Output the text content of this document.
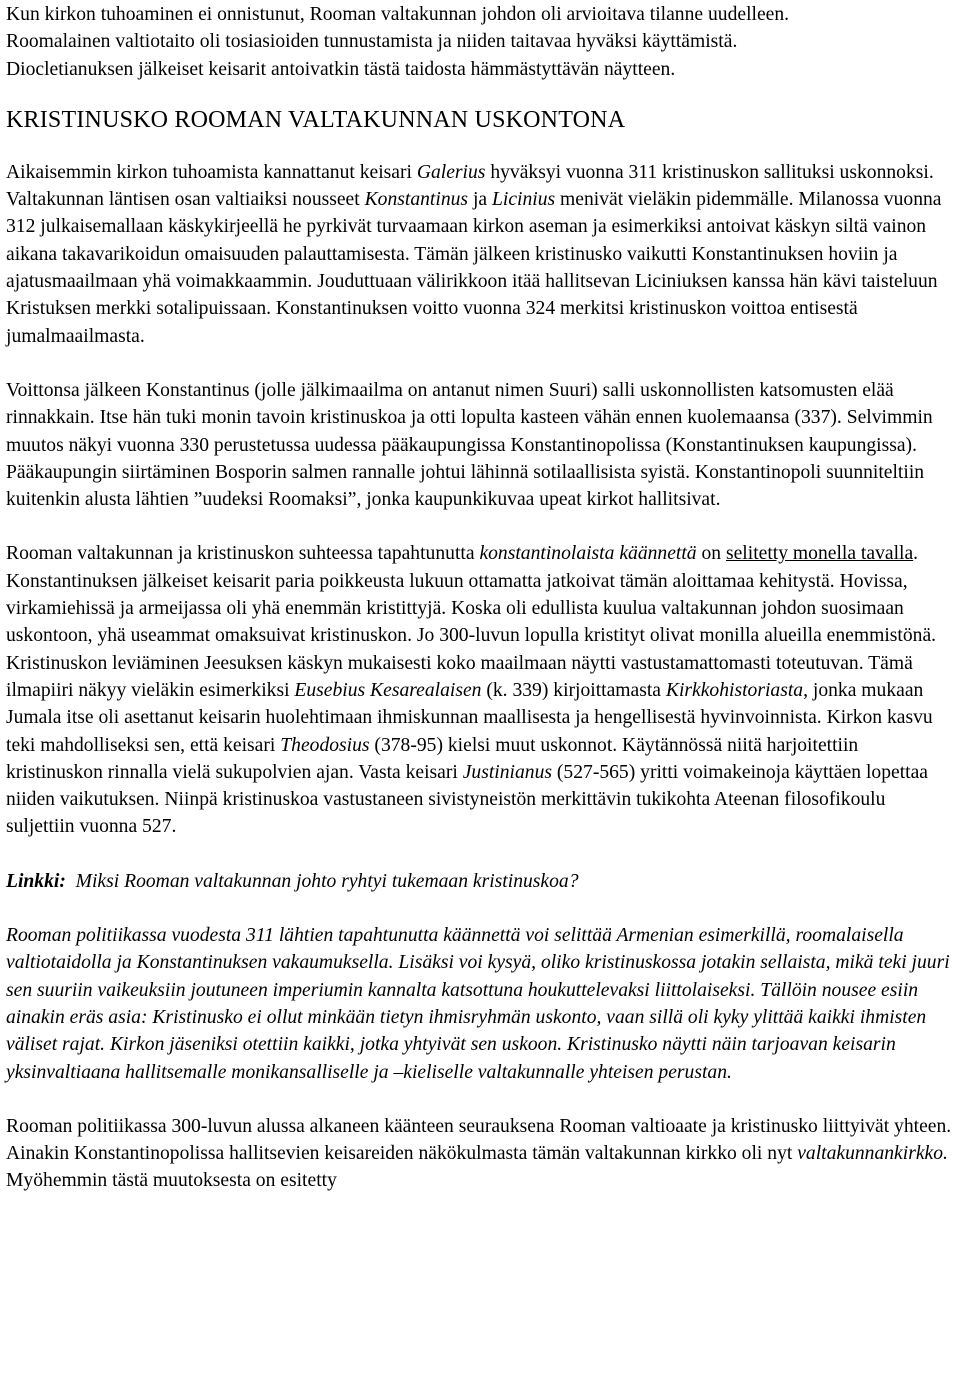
Kun kirkon tuhoaminen ei onnistunut, Rooman valtakunnan johdon oli arvioitava tilanne uudelleen.
Roomalainen valtiotaito oli tosiasioiden tunnustamista ja niiden taitavaa hyväksi käyttämistä.
Diocletianuksen jälkeiset keisarit antoivatkin tästä taidosta hämmästyttävän näytteen.

KRISTINUSKO ROOMAN VALTAKUNNAN USKONTONA

Aikaisemmin kirkon tuhoamista kannattanut keisari Galerius hyväksyi vuonna 311 kristinuskon sallituksi uskonnoksi. Valtakunnan läntisen osan valtiaiksi nousseet Konstantinus ja Licinius menivät vieläkin pidemmälle. Milanossa vuonna 312 julkaisemallaan käskykirjeellä he pyrkivät turvaamaan kirkon aseman ja esimerkiksi antoivat käskyn siltä vainon aikana takavarikoidun omaisuuden palauttamisesta. Tämän jälkeen kristinusko vaikutti Konstantinuksen hoviin ja ajatusmaailmaan yhä voimakkaammin. Jouduttuaan välirikkoon itää hallitsevan Liciniuksen kanssa hän kävi taisteluun Kristuksen merkki sotalipuissaan. Konstantinuksen voitto vuonna 324 merkitsi kristinuskon voittoa entisestä jumalmaailmasta.

Voittonsa jälkeen Konstantinus (jolle jälkimaailma on antanut nimen Suuri) salli uskonnollisten katsomusten elää rinnakkain. Itse hän tuki monin tavoin kristinuskoa ja otti lopulta kasteen vähän ennen kuolemaansa (337). Selvimmin muutos näkyi vuonna 330 perustetussa uudessa pääkaupungissa Konstantinopolissa (Konstantinuksen kaupungissa). Pääkaupungin siirtäminen Bosporin salmen rannalle johtui lähinnä sotilaallisista syistä. Konstantinopoli suunniteltiin kuitenkin alusta lähtien ”uudeksi Roomaksi”, jonka kaupunkikuvaa upeat kirkot hallitsivat.

Rooman valtakunnan ja kristinuskon suhteessa tapahtunutta konstantinolaista käännettä on selitetty monella tavalla. Konstantinuksen jälkeiset keisarit paria poikkeusta lukuun ottamatta jatkoivat tämän aloittamaa kehitystä. Hovissa, virkamiehissä ja armeijassa oli yhä enemmän kristittyjä. Koska oli edullista kuulua valtakunnan johdon suosimaan uskontoon, yhä useammat omaksuivat kristinuskon. Jo 300-luvun lopulla kristityt olivat monilla alueilla enemmistönä. Kristinuskon leviäminen Jeesuksen käskyn mukaisesti koko maailmaan näytti vastustamattomasti toteutuvan. Tämä ilmapiiri näkyy vieläkin esimerkiksi Eusebius Kesarealaisen (k. 339) kirjoittamasta Kirkkohistoriasta, jonka mukaan Jumala itse oli asettanut keisarin huolehtimaan ihmiskunnan maallisesta ja hengellisestä hyvinvoinnista. Kirkon kasvu teki mahdolliseksi sen, että keisari Theodosius (378-95) kielsi muut uskonnot. Käytännössä niitä harjoitettiin kristinuskon rinnalla vielä sukupolvien ajan. Vasta keisari Justinianus (527-565) yritti voimakeinoja käyttäen lopettaa niiden vaikutuksen. Niinpä kristinuskoa vastustaneen sivistyneistön merkittävin tukikohta Ateenan filosofikoulu suljettiin vuonna 527.

Linkki:  Miksi Rooman valtakunnan johto ryhtyi tukemaan kristinuskoa?

Rooman politiikassa vuodesta 311 lähtien tapahtunutta käännettä voi selittää Armenian esimerkillä, roomalaisella valtiotaidolla ja Konstantinuksen vakaumuksella. Lisäksi voi kysyä, oliko kristinuskossa jotakin sellaista, mikä teki juuri sen suuriin vaikeuksiin joutuneen imperiumin kannalta katsottuna houkuttelevaksi liittolaiseksi. Tällöin nousee esiin ainakin eräs asia: Kristinusko ei ollut minkään tietyn ihmisryhmän uskonto, vaan sillä oli kyky ylittää kaikki ihmisten väliset rajat. Kirkon jäseniksi otettiin kaikki, jotka yhtyivät sen uskoon. Kristinusko näytti näin tarjoavan keisarin yksinvaltiaana hallitsemalle monikansalliselle ja –kieliselle valtakunnalle yhteisen perustan.

Rooman politiikassa 300-luvun alussa alkaneen käänteen seurauksena Rooman valtioaate ja kristinusko liittyivät yhteen. Ainakin Konstantinopolissa hallitsevien keisareiden näkökulmasta tämän valtakunnan kirkko oli nyt valtakunnankirkko. Myöhemmin tästä muutoksesta on esitetty
